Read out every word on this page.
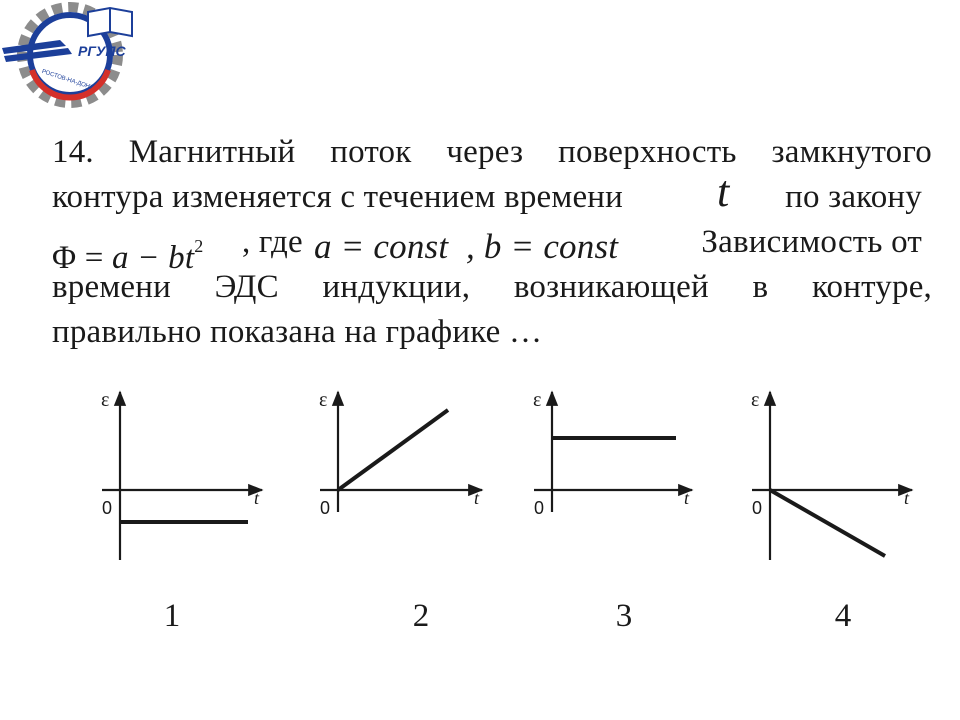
РГУПС
РОСТОВ-НА-ДОНУ
14. Магнитный поток через поверхность замкнутого
контура изменяется с течением времени t по закону
$\Phi = a - bt^2$ , где a = const , b = const	Зависимость от
времени ЭДС индукции, возникающей в контуре,
правильно показана на графике …
ε
t
0
ε
t
0
ε
t
0
ε
t
0
1	2	3	4
